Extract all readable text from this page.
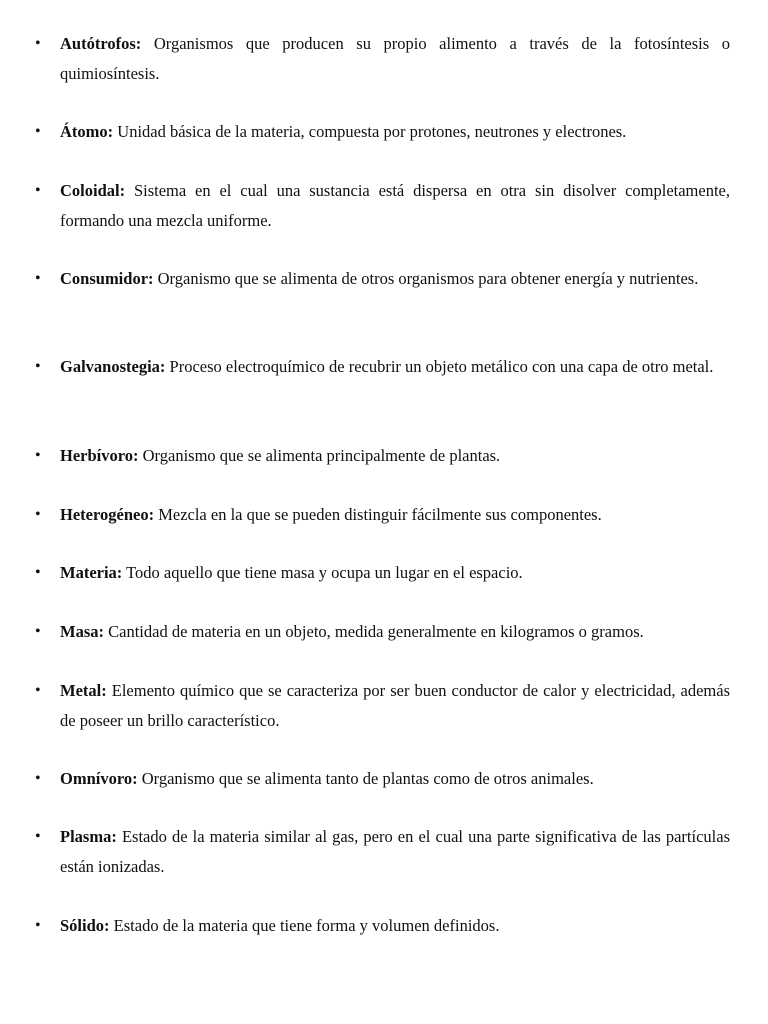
• Autótrofos: Organismos que producen su propio alimento a través de la fotosíntesis o quimiosíntesis.
• Átomo: Unidad básica de la materia, compuesta por protones, neutrones y electrones.
• Coloidal: Sistema en el cual una sustancia está dispersa en otra sin disolver completamente, formando una mezcla uniforme.
• Consumidor: Organismo que se alimenta de otros organismos para obtener energía y nutrientes.
• Galvanostegia: Proceso electroquímico de recubrir un objeto metálico con una capa de otro metal.
• Herbívoro: Organismo que se alimenta principalmente de plantas.
• Heterogéneo: Mezcla en la que se pueden distinguir fácilmente sus componentes.
• Materia: Todo aquello que tiene masa y ocupa un lugar en el espacio.
• Masa: Cantidad de materia en un objeto, medida generalmente en kilogramos o gramos.
• Metal: Elemento químico que se caracteriza por ser buen conductor de calor y electricidad, además de poseer un brillo característico.
• Omnívoro: Organismo que se alimenta tanto de plantas como de otros animales.
• Plasma: Estado de la materia similar al gas, pero en el cual una parte significativa de las partículas están ionizadas.
• Sólido: Estado de la materia que tiene forma y volumen definidos.
